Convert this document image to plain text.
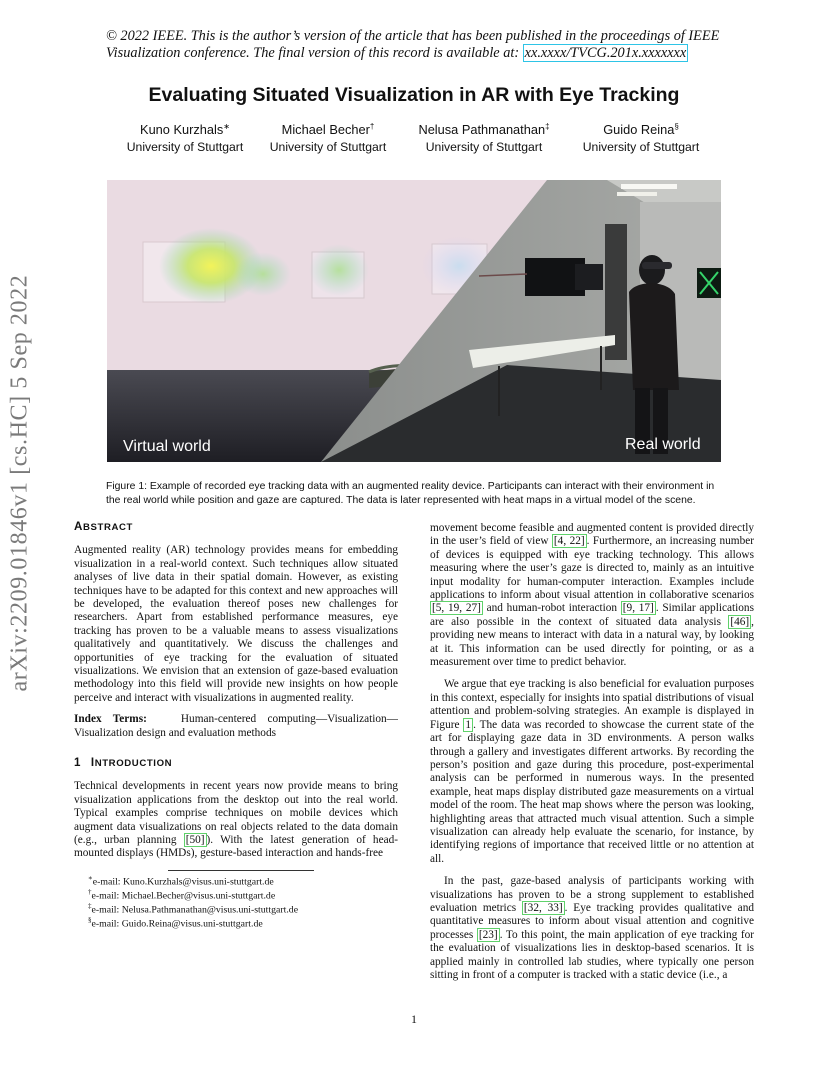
© 2022 IEEE. This is the author’s version of the article that has been published in the proceedings of IEEE Visualization conference. The final version of this record is available at: xx.xxxx/TVCG.201x.xxxxxxx
Evaluating Situated Visualization in AR with Eye Tracking
Kuno Kurzhals∗
University of Stuttgart
Michael Becher†
University of Stuttgart
Nelusa Pathmanathan‡
University of Stuttgart
Guido Reina§
University of Stuttgart
arXiv:2209.01846v1 [cs.HC] 5 Sep 2022	Virtual world	Real world
Figure 1: Example of recorded eye tracking data with an augmented reality device. Participants can interact with their environment in the real world while position and gaze are captured. The data is later represented with heat maps in a virtual model of the scene.
ABSTRACT

Augmented reality (AR) technology provides means for embedding visualization in a real-world context. Such techniques allow situated analyses of live data in their spatial domain. However, as existing techniques have to be adapted for this context and new approaches will be developed, the evaluation thereof poses new challenges for researchers. Apart from established performance measures, eye tracking has proven to be a valuable means to assess visualizations qualitatively and quantitatively. We discuss the challenges and opportunities of eye tracking for the evaluation of situated visualizations. We envision that an extension of gaze-based evaluation methodology into this field will provide new insights on how people perceive and interact with visualizations in augmented reality.

Index Terms:	Human-centered computing—Visualization—Visualization design and evaluation methods

1 INTRODUCTION

Technical developments in recent years now provide means to bring visualization applications from the desktop out into the real world. Typical examples comprise techniques on mobile devices which augment data visualizations on real objects related to the data domain (e.g., urban planning [50] ). With the latest generation of head-mounted displays (HMDs), gesture-based interaction and hands-free

∗e-mail: Kuno.Kurzhals@visus.uni-stuttgart.de
†e-mail: Michael.Becher@visus.uni-stuttgart.de
‡e-mail: Nelusa.Pathmanathan@visus.uni-stuttgart.de
§e-mail: Guido.Reina@visus.uni-stuttgart.de

movement become feasible and augmented content is provided directly in the user’s field of view [4, 22] . Furthermore, an increasing number of devices is equipped with eye tracking technology. This allows measuring where the user’s gaze is directed to, mainly as an intuitive input modality for human-computer interaction. Examples include applications to inform about visual attention in collaborative scenarios [5, 19, 27] and human-robot interaction [9, 17] . Similar applications are also possible in the context of situated data analysis [46] , providing new means to interact with data in a natural way, by looking at it. This information can be used directly for pointing, or as a measurement over time to predict behavior.

We argue that eye tracking is also beneficial for evaluation purposes in this context, especially for insights into spatial distributions of visual attention and problem-solving strategies. An example is displayed in Figure 1 . The data was recorded to showcase the current state of the art for displaying gaze data in 3D environments. A person walks through a gallery and investigates different artworks. By recording the person’s position and gaze during this procedure, post-experimental analysis can be performed in numerous ways. In the presented example, heat maps display distributed gaze measurements on a virtual model of the room. The heat map shows where the person was looking, highlighting areas that attracted much visual attention. Such a simple visualization can already help evaluate the scenario, for instance, by identifying regions of importance that received little or no attention at all.

In the past, gaze-based analysis of participants working with visualizations has proven to be a strong supplement to established evaluation metrics [32, 33] . Eye tracking provides qualitative and quantitative measures to inform about visual attention and cognitive processes [23] . To this point, the main application of eye tracking for the evaluation of visualizations lies in desktop-based scenarios. It is applied mainly in controlled lab studies, where typically one person sitting in front of a computer is tracked with a static device (i.e., a

1
